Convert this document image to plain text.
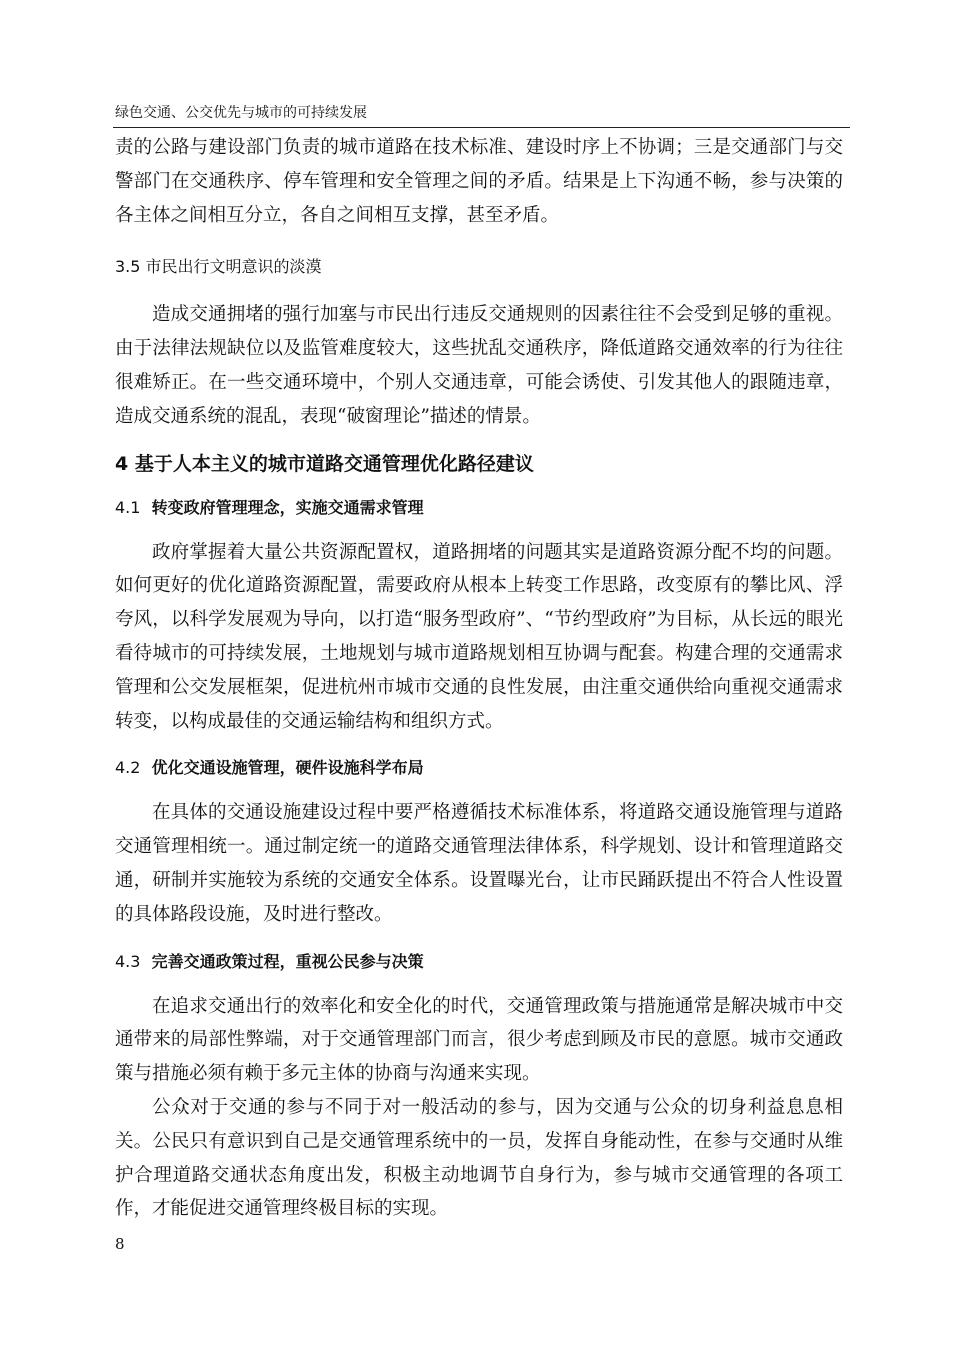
绿色交通、公交优先与城市的可持续发展

责的公路与建设部门负责的城市道路在技术标准、建设时序上不协调；三是交通部门与交警部门在交通秩序、停车管理和安全管理之间的矛盾。结果是上下沟通不畅，参与决策的各主体之间相互分立，各自之间相互支撑，甚至矛盾。

3.5 市民出行文明意识的淡漠

造成交通拥堵的强行加塞与市民出行违反交通规则的因素往往不会受到足够的重视。由于法律法规缺位以及监管难度较大，这些扰乱交通秩序，降低道路交通效率的行为往往很难矫正。在一些交通环境中，个别人交通违章，可能会诱使、引发其他人的跟随违章，造成交通系统的混乱，表现“破窗理论”描述的情景。

4 基于人本主义的城市道路交通管理优化路径建议

4.1 转变政府管理理念，实施交通需求管理

政府掌握着大量公共资源配置权，道路拥堵的问题其实是道路资源分配不均的问题。如何更好的优化道路资源配置，需要政府从根本上转变工作思路，改变原有的攀比风、浮夸风，以科学发展观为导向，以打造“服务型政府”、“节约型政府”为目标，从长远的眼光看待城市的可持续发展，土地规划与城市道路规划相互协调与配套。构建合理的交通需求管理和公交发展框架，促进杭州市城市交通的良性发展，由注重交通供给向重视交通需求转变，以构成最佳的交通运输结构和组织方式。

4.2 优化交通设施管理，硬件设施科学布局

在具体的交通设施建设过程中要严格遵循技术标准体系，将道路交通设施管理与道路交通管理相统一。通过制定统一的道路交通管理法律体系，科学规划、设计和管理道路交通，研制并实施较为系统的交通安全体系。设置曝光台，让市民踊跃提出不符合人性设置的具体路段设施，及时进行整改。

4.3 完善交通政策过程，重视公民参与决策

在追求交通出行的效率化和安全化的时代，交通管理政策与措施通常是解决城市中交通带来的局部性弊端，对于交通管理部门而言，很少考虑到顾及市民的意愿。城市交通政策与措施必须有赖于多元主体的协商与沟通来实现。

公众对于交通的参与不同于对一般活动的参与，因为交通与公众的切身利益息息相关。公民只有意识到自己是交通管理系统中的一员，发挥自身能动性，在参与交通时从维护合理道路交通状态角度出发，积极主动地调节自身行为，参与城市交通管理的各项工作，才能促进交通管理终极目标的实现。

8
